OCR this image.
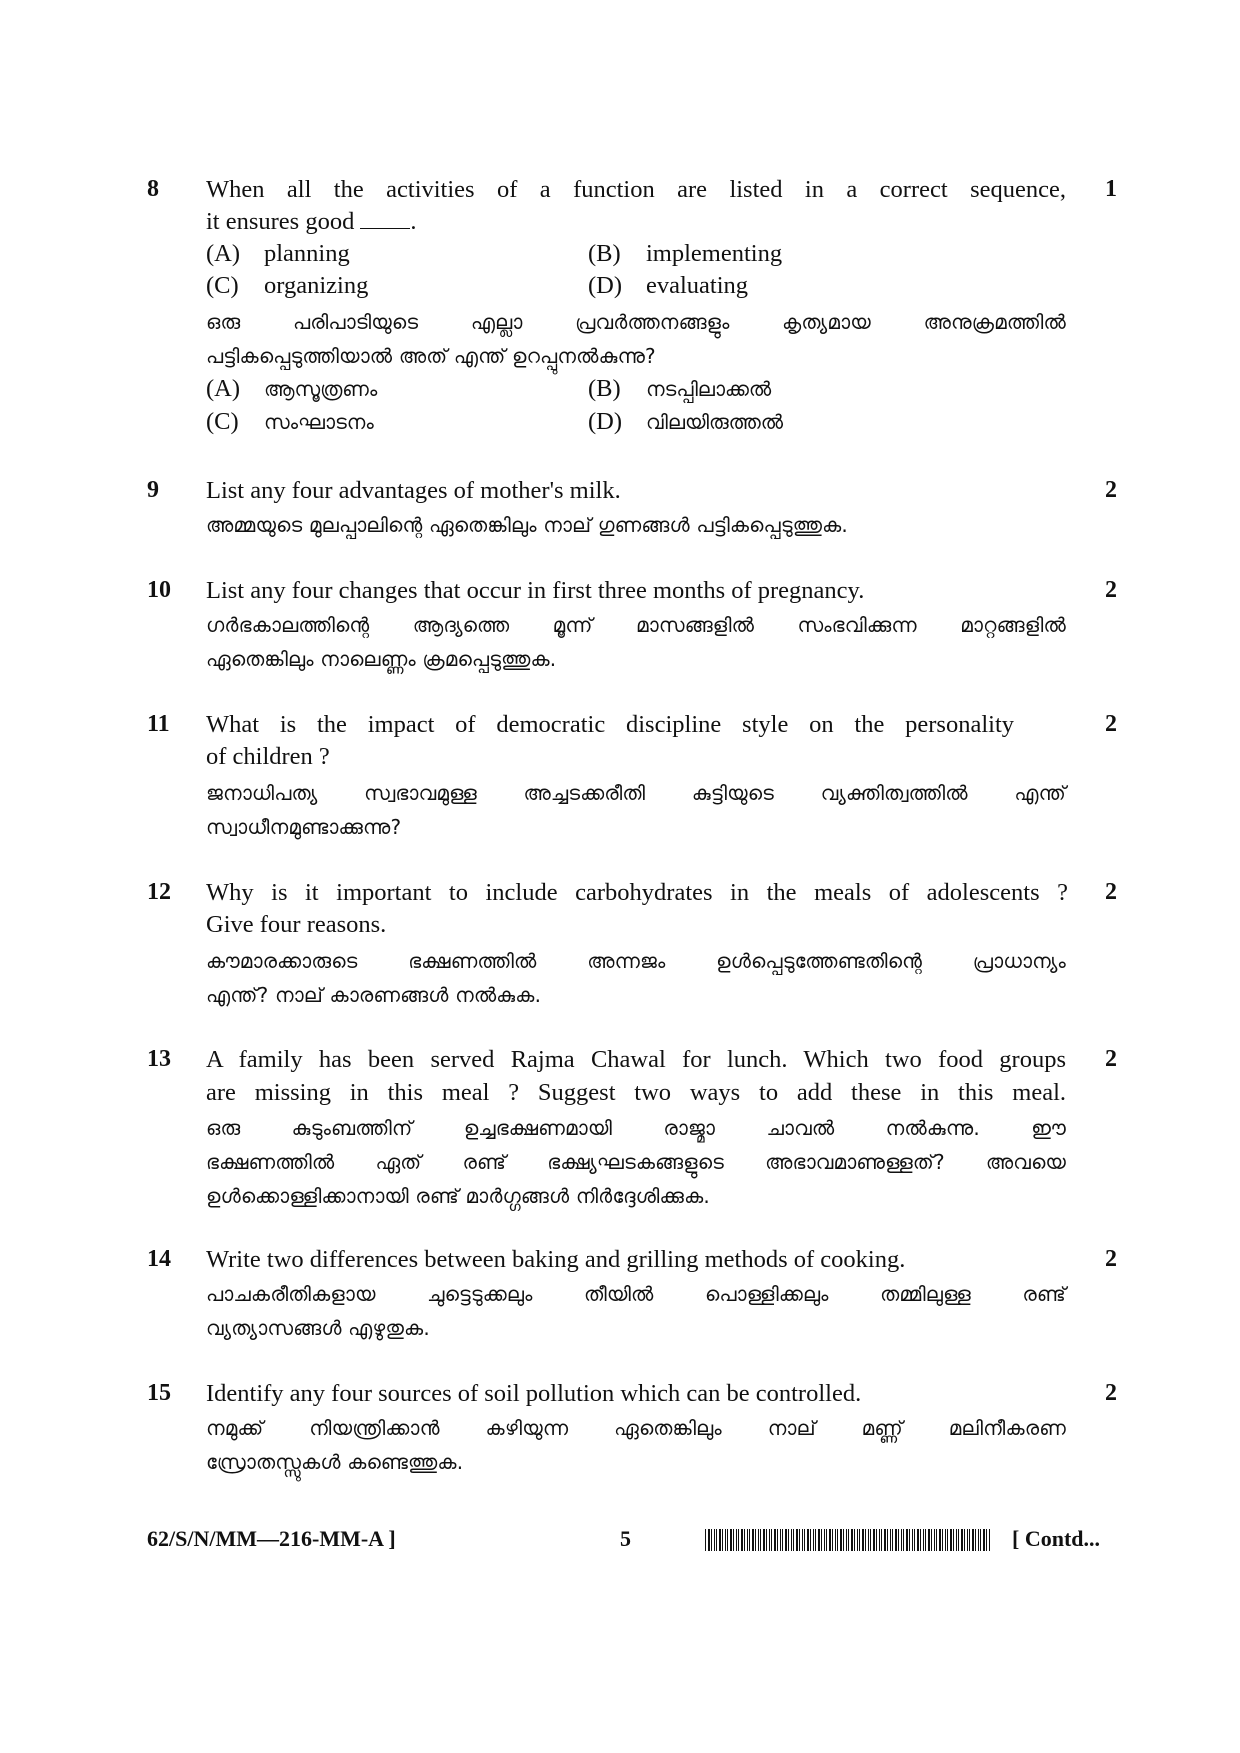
8	1
When all the activities of a function are listed in a correct sequence,
it ensures good .
(A) planning	(B) implementing
(C) organizing	(D) evaluating
ഒരു പരിപാടിയുടെ എല്ലാ പ്രവർത്തനങ്ങളും കൃത്യമായ അനുക്രമത്തിൽ
പട്ടികപ്പെടുത്തിയാൽ അത് എന്ത് ഉറപ്പുനൽകുന്നു?
(A) ആസൂത്രണം	(B) നടപ്പിലാക്കൽ
(C) സംഘാടനം	(D) വിലയിരുത്തൽ
9	2
List any four advantages of mother's milk.
അമ്മയുടെ മുലപ്പാലിന്റെ ഏതെങ്കിലും നാല് ഗുണങ്ങൾ പട്ടികപ്പെടുത്തുക.
10	2
List any four changes that occur in first three months of pregnancy.
ഗർഭകാലത്തിന്റെ ആദ്യത്തെ മൂന്ന് മാസങ്ങളിൽ സംഭവിക്കുന്ന മാറ്റങ്ങളിൽ
ഏതെങ്കിലും നാലെണ്ണം ക്രമപ്പെടുത്തുക.
11	2
What is the impact of democratic discipline style on the personality
of children ?
ജനാധിപത്യ സ്വഭാവമുള്ള അച്ചടക്കരീതി കുട്ടിയുടെ വ്യക്തിത്വത്തിൽ എന്ത്
സ്വാധീനമുണ്ടാക്കുന്നു?
12	2
Why is it important to include carbohydrates in the meals of adolescents ?
Give four reasons.
കൗമാരക്കാരുടെ ഭക്ഷണത്തിൽ അന്നജം ഉൾപ്പെടുത്തേണ്ടതിന്റെ പ്രാധാന്യം
എന്ത്? നാല് കാരണങ്ങൾ നൽകുക.
13	2
A family has been served Rajma Chawal for lunch. Which two food groups
are missing in this meal ? Suggest two ways to add these in this meal.
ഒരു കുടുംബത്തിന് ഉച്ചഭക്ഷണമായി രാജ്മാ ചാവൽ നൽകുന്നു. ഈ
ഭക്ഷണത്തിൽ ഏത് രണ്ട് ഭക്ഷ്യഘടകങ്ങളുടെ അഭാവമാണുള്ളത്? അവയെ
ഉൾക്കൊള്ളിക്കാനായി രണ്ട് മാർഗ്ഗങ്ങൾ നിർദ്ദേശിക്കുക.
14	2
Write two differences between baking and grilling methods of cooking.
പാചകരീതികളായ ചുട്ടെടുക്കലും തീയിൽ പൊള്ളിക്കലും തമ്മിലുള്ള രണ്ട്
വ്യത്യാസങ്ങൾ എഴുതുക.
15	2
Identify any four sources of soil pollution which can be controlled.
നമുക്ക് നിയന്ത്രിക്കാൻ കഴിയുന്ന ഏതെങ്കിലും നാല് മണ്ണ് മലിനീകരണ
സ്രോതസ്സുകൾ കണ്ടെത്തുക.
62/S/N/MM—216-MM-A ]	5	[ Contd...
